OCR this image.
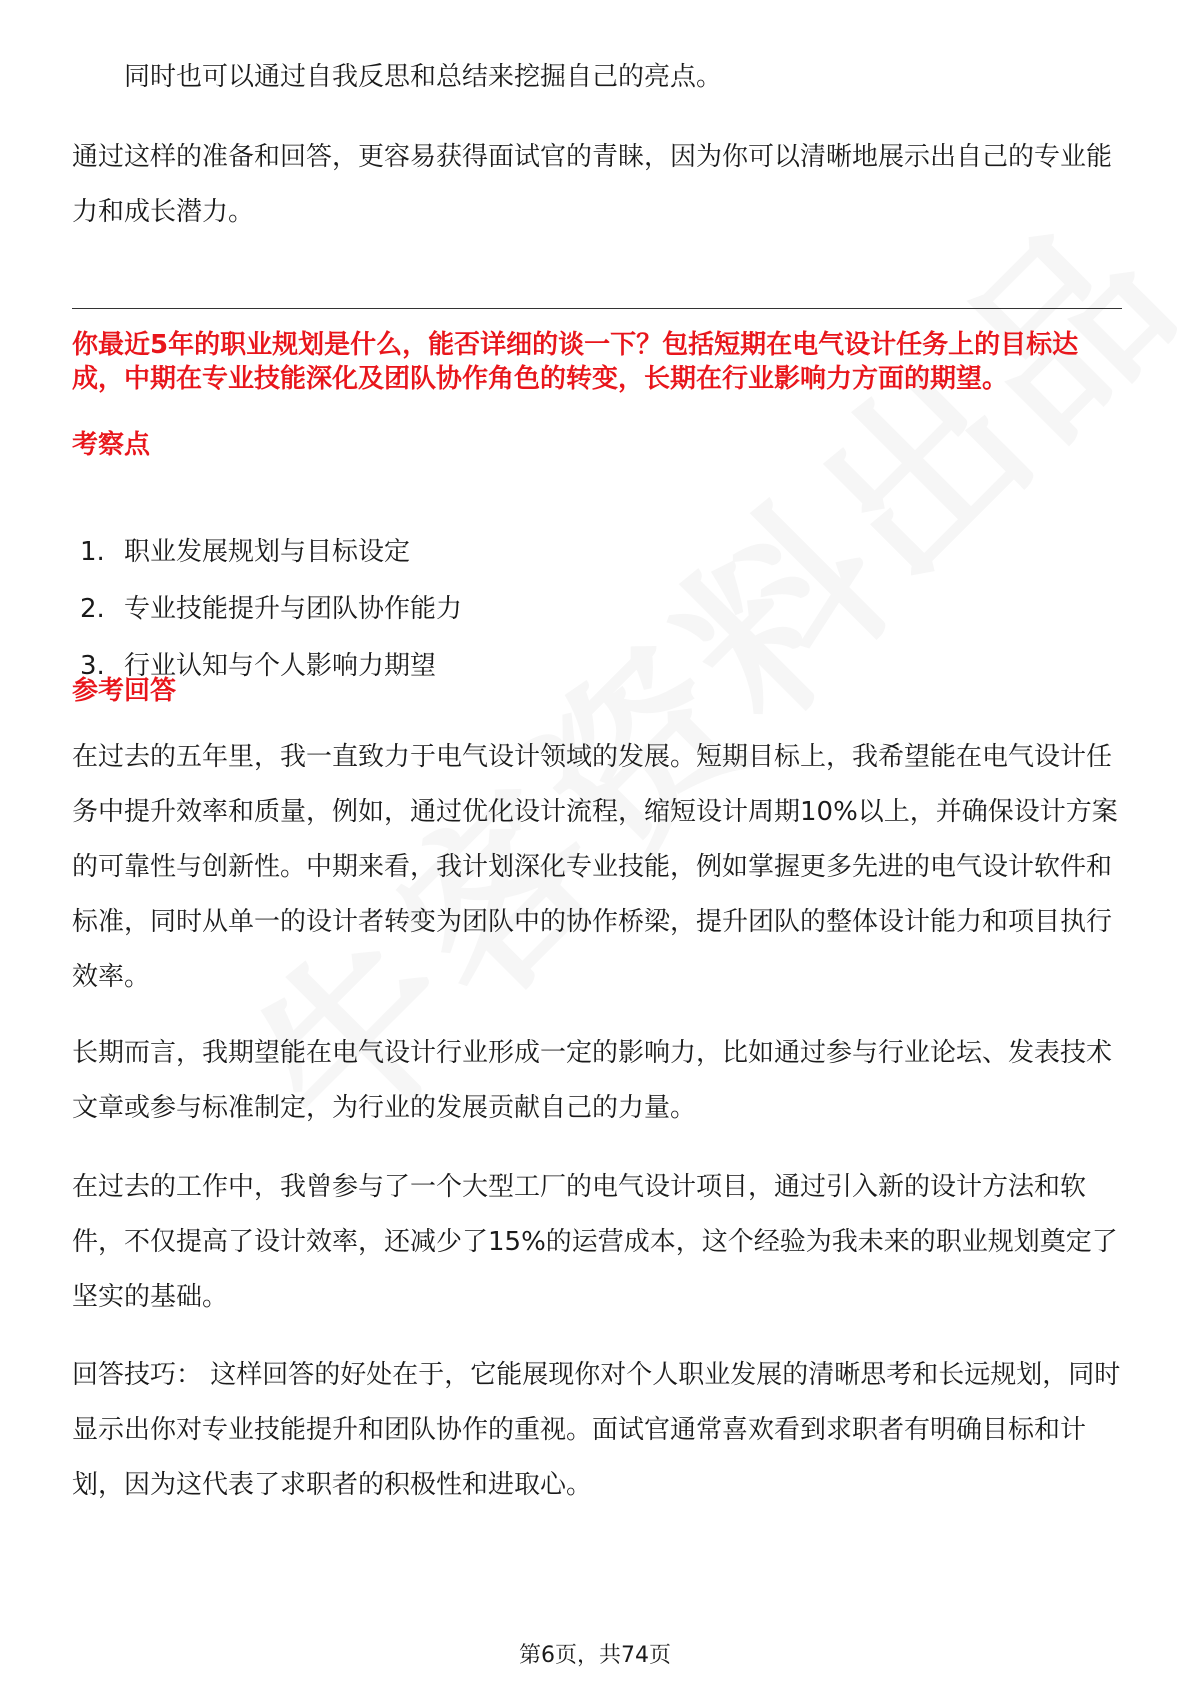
同时也可以通过自我反思和总结来挖掘自己的亮点。

通过这样的准备和回答，更容易获得面试官的青睐，因为你可以清晰地展示出自己的专业能力和成长潜力。

你最近5年的职业规划是什么，能否详细的谈一下？包括短期在电气设计任务上的目标达成，中期在专业技能深化及团队协作角色的转变，长期在行业影响力方面的期望。

考察点

1. 职业发展规划与目标设定
2. 专业技能提升与团队协作能力
3. 行业认知与个人影响力期望

参考回答

在过去的五年里，我一直致力于电气设计领域的发展。短期目标上，我希望能在电气设计任务中提升效率和质量，例如，通过优化设计流程，缩短设计周期10%以上，并确保设计方案的可靠性与创新性。中期来看，我计划深化专业技能，例如掌握更多先进的电气设计软件和标准，同时从单一的设计者转变为团队中的协作桥梁，提升团队的整体设计能力和项目执行效率。

长期而言，我期望能在电气设计行业形成一定的影响力，比如通过参与行业论坛、发表技术文章或参与标准制定，为行业的发展贡献自己的力量。

在过去的工作中，我曾参与了一个大型工厂的电气设计项目，通过引入新的设计方法和软件，不仅提高了设计效率，还减少了15%的运营成本，这个经验为我未来的职业规划奠定了坚实的基础。

回答技巧： 这样回答的好处在于，它能展现你对个人职业发展的清晰思考和长远规划，同时显示出你对专业技能提升和团队协作的重视。面试官通常喜欢看到求职者有明确目标和计划，因为这代表了求职者的积极性和进取心。

第6页，共74页
